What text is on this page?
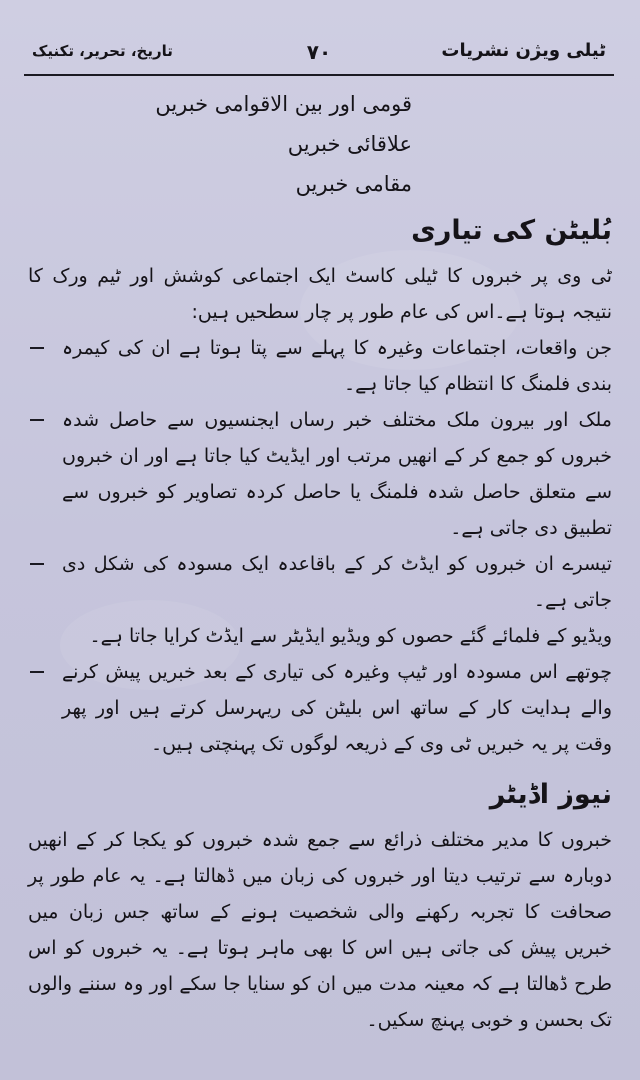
ٹیلی ویژن نشریات
۷۰
تاریخ، تحریر، تکنیک
قومی اور بین الاقوامی خبریں
علاقائی خبریں
مقامی خبریں
بُلیٹن کی تیاری

ٹی وی پر خبروں کا ٹیلی کاسٹ ایک اجتماعی کوشش اور ٹیم ورک کا نتیجہ ہوتا ہے۔اس کی عام طور پر چار سطحیں ہیں:

جن واقعات، اجتماعات وغیرہ کا پہلے سے پتا ہوتا ہے ان کی کیمرہ بندی فلمنگ کا انتظام کیا جاتا ہے۔
ملک اور بیرون ملک مختلف خبر رساں ایجنسیوں سے حاصل شدہ خبروں کو جمع کر کے انھیں مرتب اور ایڈیٹ کیا جاتا ہے اور ان خبروں سے متعلق حاصل شدہ فلمنگ یا حاصل کردہ تصاویر کو خبروں سے تطبیق دی جاتی ہے۔
تیسرے ان خبروں کو ایڈٹ کر کے باقاعدہ ایک مسودہ کی شکل دی جاتی ہے۔
ویڈیو کے فلمائے گئے حصوں کو ویڈیو ایڈیٹر سے ایڈٹ کرایا جاتا ہے۔
چوتھے اس مسودہ اور ٹیپ وغیرہ کی تیاری کے بعد خبریں پیش کرنے والے ہدایت کار کے ساتھ اس بلیٹن کی ریہرسل کرتے ہیں اور پھر وقت پر یہ خبریں ٹی وی کے ذریعہ لوگوں تک پہنچتی ہیں۔
نیوز اڈیٹر

خبروں کا مدیر مختلف ذرائع سے جمع شدہ خبروں کو یکجا کر کے انھیں دوبارہ سے ترتیب دیتا اور خبروں کی زبان میں ڈھالتا ہے۔ یہ عام طور پر صحافت کا تجربہ رکھنے والی شخصیت ہونے کے ساتھ جس زبان میں خبریں پیش کی جاتی ہیں اس کا بھی ماہر ہوتا ہے۔ یہ خبروں کو اس طرح ڈھالتا ہے کہ معینہ مدت میں ان کو سنایا جا سکے اور وہ سننے والوں تک بحسن و خوبی پہنچ سکیں۔
